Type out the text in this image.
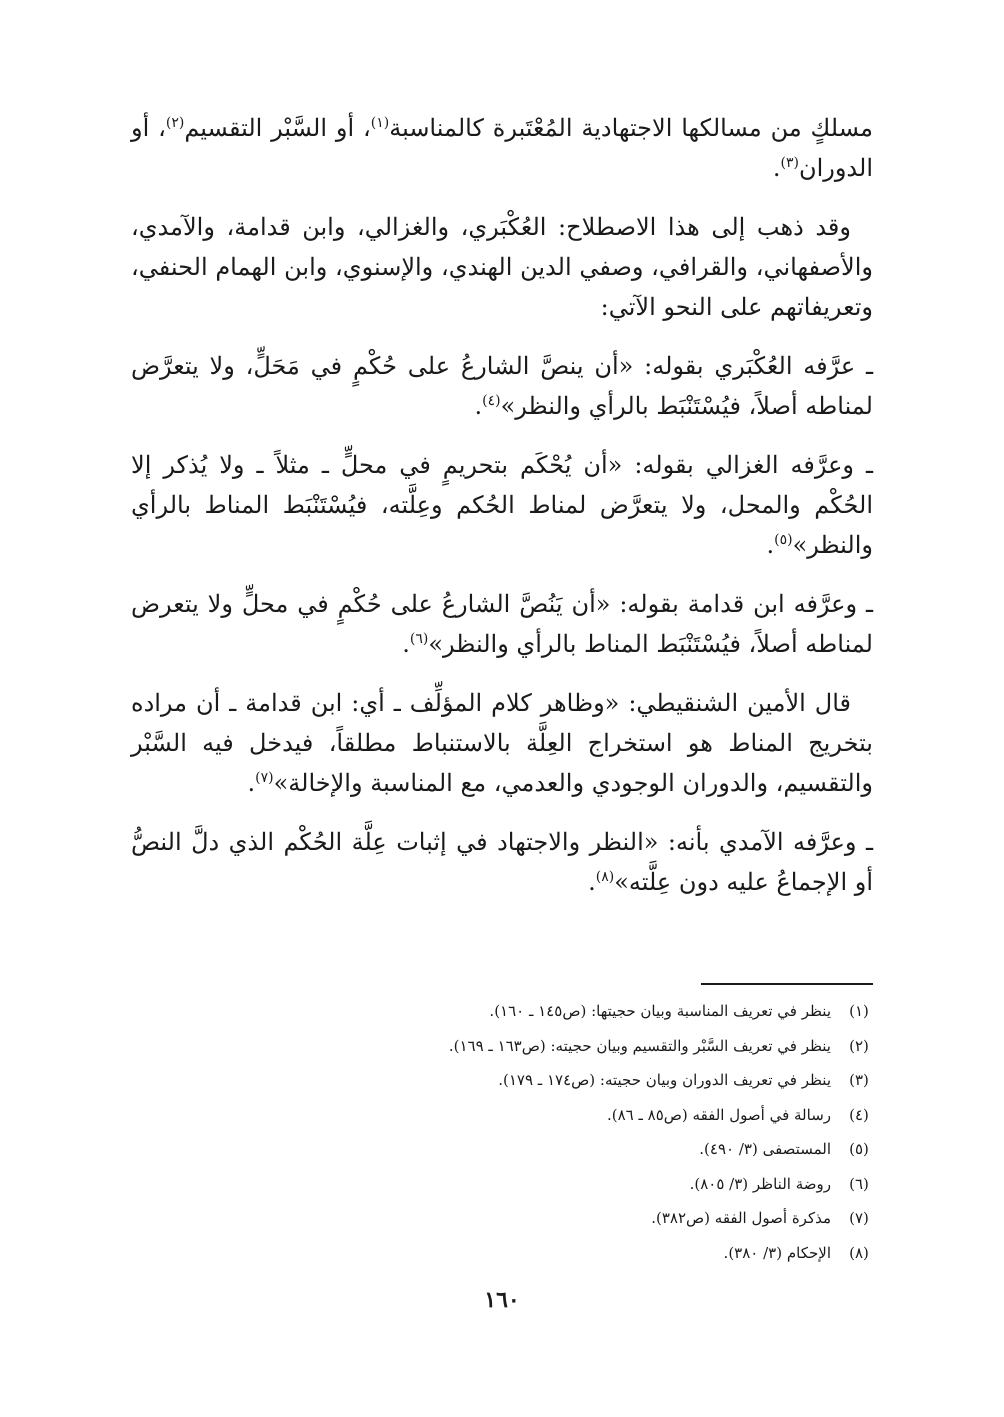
مسلكٍ من مسالكها الاجتهادية المُعْتَبرة كالمناسبة$^{(١)}$، أو السَّبْر التقسيم$^{(٢)}$، أو الدوران$^{(٣)}$.

وقد ذهب إلى هذا الاصطلاح: العُكْبَري، والغزالي، وابن قدامة، والآمدي، والأصفهاني، والقرافي، وصفي الدين الهندي، والإسنوي، وابن الهمام الحنفي، وتعريفاتهم على النحو الآتي:

ـ عرَّفه العُكْبَري بقوله: «أن ينصَّ الشارعُ على حُكْمٍ في مَحَلٍّ، ولا يتعرَّض لمناطه أصلاً، فيُسْتَنْبَط بالرأي والنظر»$^{(٤)}$.

ـ وعرَّفه الغزالي بقوله: «أن يُحْكَم بتحريمٍ في محلٍّ ـ مثلاً ـ ولا يُذكر إلا الحُكْم والمحل، ولا يتعرَّض لمناط الحُكم وعِلَّته، فيُسْتَنْبَط المناط بالرأي والنظر»$^{(٥)}$.

ـ وعرَّفه ابن قدامة بقوله: «أن يَنُصَّ الشارعُ على حُكْمٍ في محلٍّ ولا يتعرض لمناطه أصلاً، فيُسْتَنْبَط المناط بالرأي والنظر»$^{(٦)}$.

قال الأمين الشنقيطي: «وظاهر كلام المؤلِّف ـ أي: ابن قدامة ـ أن مراده بتخريج المناط هو استخراج العِلَّة بالاستنباط مطلقاً، فيدخل فيه السَّبْر والتقسيم، والدوران الوجودي والعدمي، مع المناسبة والإخالة»$^{(٧)}$.

ـ وعرَّفه الآمدي بأنه: «النظر والاجتهاد في إثبات عِلَّة الحُكْم الذي دلَّ النصُّ أو الإجماعُ عليه دون عِلَّته»$^{(٨)}$.

(١)ينظر في تعريف المناسبة وبيان حجيتها: (ص١٤٥ ـ ١٦٠).
(٢)ينظر في تعريف السَّبْر والتقسيم وبيان حجيته: (ص١٦٣ ـ ١٦٩).
(٣)ينظر في تعريف الدوران وبيان حجيته: (ص١٧٤ ـ ١٧٩).
(٤)رسالة في أصول الفقه (ص٨٥ ـ ٨٦).
(٥)المستصفى (٣/ ٤٩٠).
(٦)روضة الناظر (٣/ ٨٠٥).
(٧)مذكرة أصول الفقه (ص٣٨٢).
(٨)الإحكام (٣/ ٣٨٠).
١٦٠
